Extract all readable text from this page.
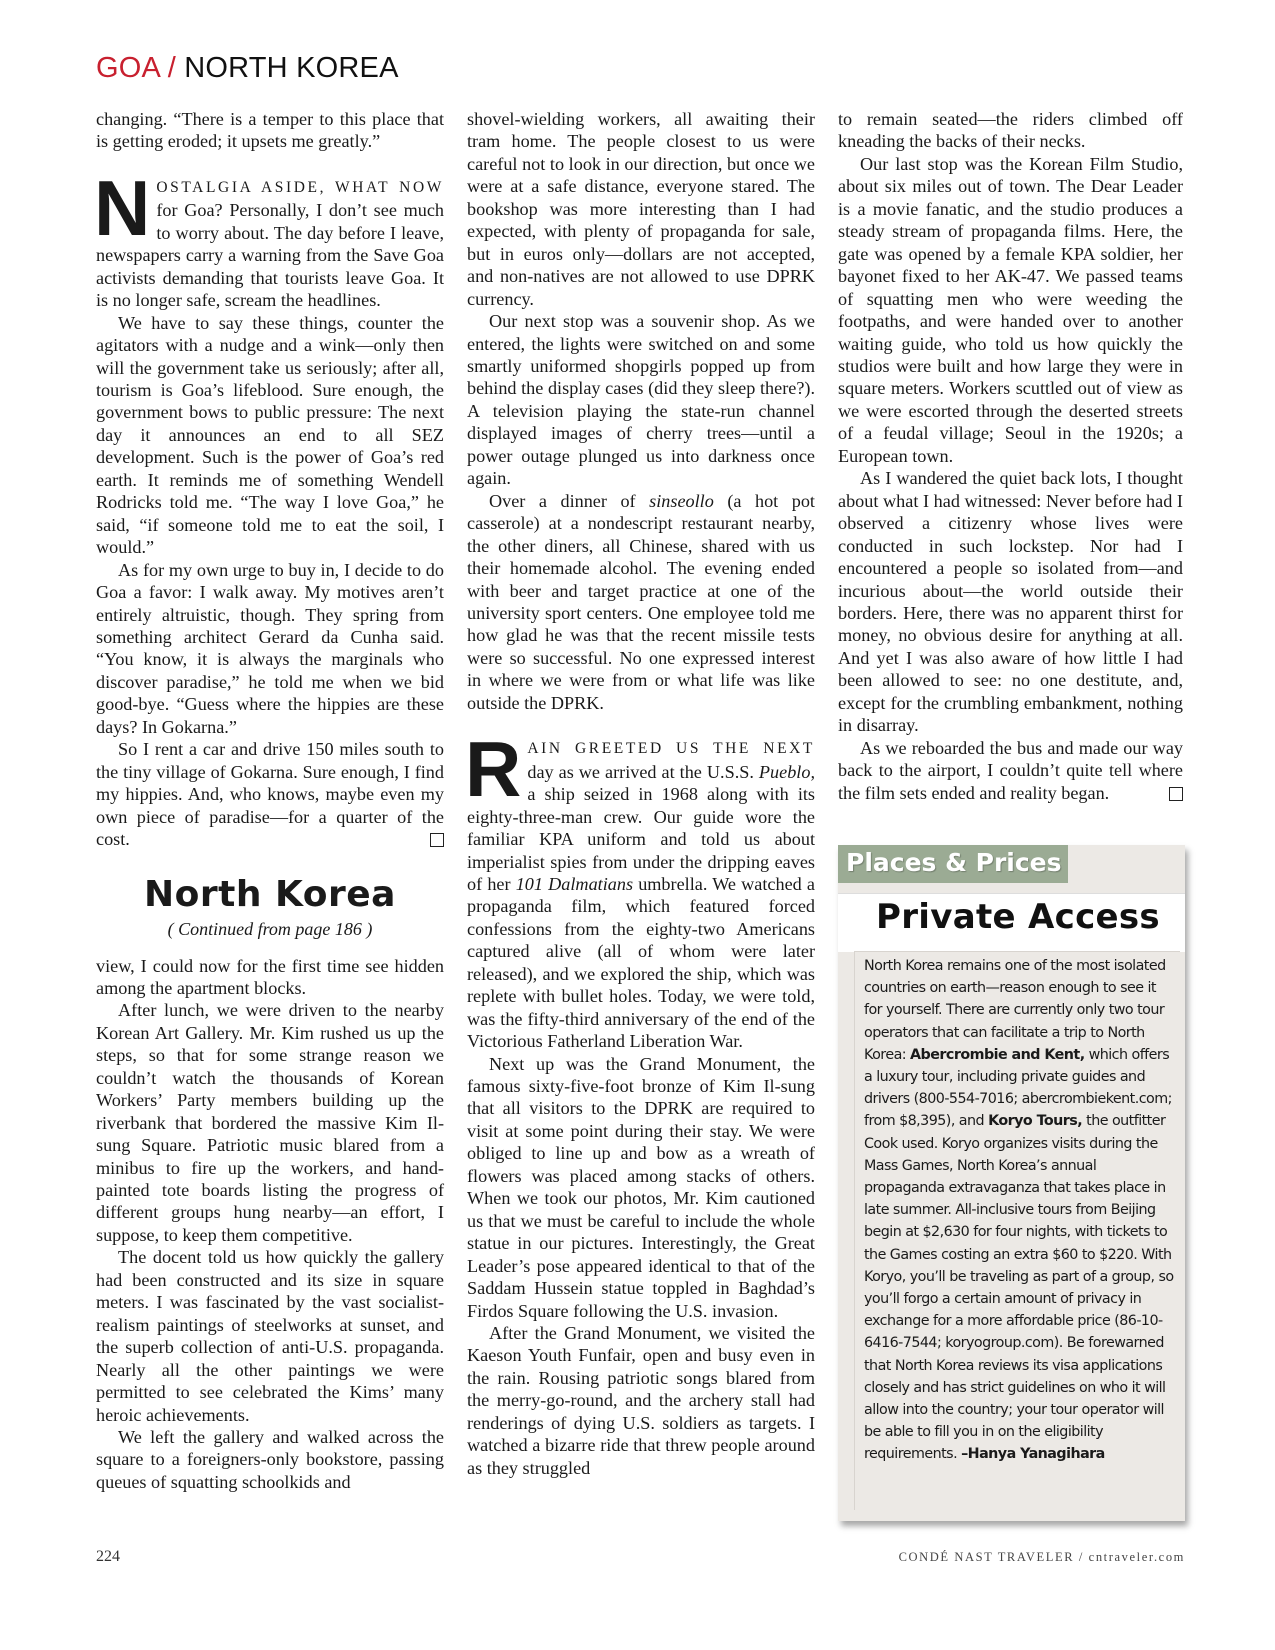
GOA / NORTH KOREA

changing. “There is a temper to this place that is getting eroded; it upsets me greatly.”

NOSTALGIA ASIDE, WHAT NOW for Goa? Personally, I don’t see much to worry about. The day before I leave, newspapers carry a warning from the Save Goa activists demanding that tourists leave Goa. It is no longer safe, scream the headlines.

We have to say these things, counter the agitators with a nudge and a wink—only then will the government take us seriously; after all, tourism is Goa’s lifeblood. Sure enough, the government bows to public pressure: The next day it announces an end to all SEZ development. Such is the power of Goa’s red earth. It reminds me of something Wendell Rodricks told me. “The way I love Goa,” he said, “if someone told me to eat the soil, I would.”

As for my own urge to buy in, I decide to do Goa a favor: I walk away. My motives aren’t entirely altruistic, though. They spring from something architect Gerard da Cunha said. “You know, it is always the marginals who discover paradise,” he told me when we bid good-bye. “Guess where the hippies are these days? In Gokarna.”

So I rent a car and drive 150 miles south to the tiny village of Gokarna. Sure enough, I find my hippies. And, who knows, maybe even my own piece of paradise—for a quarter of the cost.

North Korea
( Continued from page 186 )

view, I could now for the first time see hidden among the apartment blocks.

After lunch, we were driven to the nearby Korean Art Gallery. Mr. Kim rushed us up the steps, so that for some strange reason we couldn’t watch the thousands of Korean Workers’ Party members building up the riverbank that bordered the massive Kim Il-sung Square. Patriotic music blared from a minibus to fire up the workers, and hand-painted tote boards listing the progress of different groups hung nearby—an effort, I suppose, to keep them competitive.

The docent told us how quickly the gallery had been constructed and its size in square meters. I was fascinated by the vast socialist-realism paintings of steelworks at sunset, and the superb collection of anti-U.S. propaganda. Nearly all the other paintings we were permitted to see celebrated the Kims’ many heroic achievements.

We left the gallery and walked across the square to a foreigners-only bookstore, passing queues of squatting schoolkids and

shovel-wielding workers, all awaiting their tram home. The people closest to us were careful not to look in our direction, but once we were at a safe distance, everyone stared. The bookshop was more interesting than I had expected, with plenty of propaganda for sale, but in euros only—dollars are not accepted, and non-natives are not allowed to use DPRK currency.

Our next stop was a souvenir shop. As we entered, the lights were switched on and some smartly uniformed shopgirls popped up from behind the display cases (did they sleep there?). A television playing the state-run channel displayed images of cherry trees—until a power outage plunged us into darkness once again.

Over a dinner of sinseollo (a hot pot casserole) at a nondescript restaurant nearby, the other diners, all Chinese, shared with us their homemade alcohol. The evening ended with beer and target practice at one of the university sport centers. One employee told me how glad he was that the recent missile tests were so successful. No one expressed interest in where we were from or what life was like outside the DPRK.

RAIN GREETED US THE NEXT day as we arrived at the U.S.S. Pueblo, a ship seized in 1968 along with its eighty-three-man crew. Our guide wore the familiar KPA uniform and told us about imperialist spies from under the dripping eaves of her 101 Dalmatians umbrella. We watched a propaganda film, which featured forced confessions from the eighty-two Americans captured alive (all of whom were later released), and we explored the ship, which was replete with bullet holes. Today, we were told, was the fifty-third anniversary of the end of the Victorious Fatherland Liberation War.

Next up was the Grand Monument, the famous sixty-five-foot bronze of Kim Il-sung that all visitors to the DPRK are required to visit at some point during their stay. We were obliged to line up and bow as a wreath of flowers was placed among stacks of others. When we took our photos, Mr. Kim cautioned us that we must be careful to include the whole statue in our pictures. Interestingly, the Great Leader’s pose appeared identical to that of the Saddam Hussein statue toppled in Baghdad’s Firdos Square following the U.S. invasion.

After the Grand Monument, we visited the Kaeson Youth Funfair, open and busy even in the rain. Rousing patriotic songs blared from the merry-go-round, and the archery stall had renderings of dying U.S. soldiers as targets. I watched a bizarre ride that threw people around as they struggled

to remain seated—the riders climbed off kneading the backs of their necks.

Our last stop was the Korean Film Studio, about six miles out of town. The Dear Leader is a movie fanatic, and the studio produces a steady stream of propaganda films. Here, the gate was opened by a female KPA soldier, her bayonet fixed to her AK-47. We passed teams of squatting men who were weeding the footpaths, and were handed over to another waiting guide, who told us how quickly the studios were built and how large they were in square meters. Workers scuttled out of view as we were escorted through the deserted streets of a feudal village; Seoul in the 1920s; a European town.

As I wandered the quiet back lots, I thought about what I had witnessed: Never before had I observed a citizenry whose lives were conducted in such lockstep. Nor had I encountered a people so isolated from—and incurious about—the world outside their borders. Here, there was no apparent thirst for money, no obvious desire for anything at all. And yet I was also aware of how little I had been allowed to see: no one destitute, and, except for the crumbling embankment, nothing in disarray.

As we reboarded the bus and made our way back to the airport, I couldn’t quite tell where the film sets ended and reality began.

Places & Prices
Private Access
North Korea remains one of the most isolated countries on earth—reason enough to see it for yourself. There are currently only two tour operators that can facilitate a trip to North Korea: Abercrombie and Kent, which offers a luxury tour, including private guides and drivers (800-554-7016; abercrombiekent.com; from $8,395), and Koryo Tours, the outfitter Cook used. Koryo organizes visits during the Mass Games, North Korea’s annual propaganda extravaganza that takes place in late summer. All-inclusive tours from Beijing begin at $2,630 for four nights, with tickets to the Games costing an extra $60 to $220. With Koryo, you’ll be traveling as part of a group, so you’ll forgo a certain amount of privacy in exchange for a more affordable price (86-10-6416-7544; koryogroup.com). Be forewarned that North Korea reviews its visa applications closely and has strict guidelines on who it will allow into the country; your tour operator will be able to fill you in on the eligibility requirements. –Hanya Yanagihara
224	CONDÉ NAST TRAVELER / cntraveler.com
